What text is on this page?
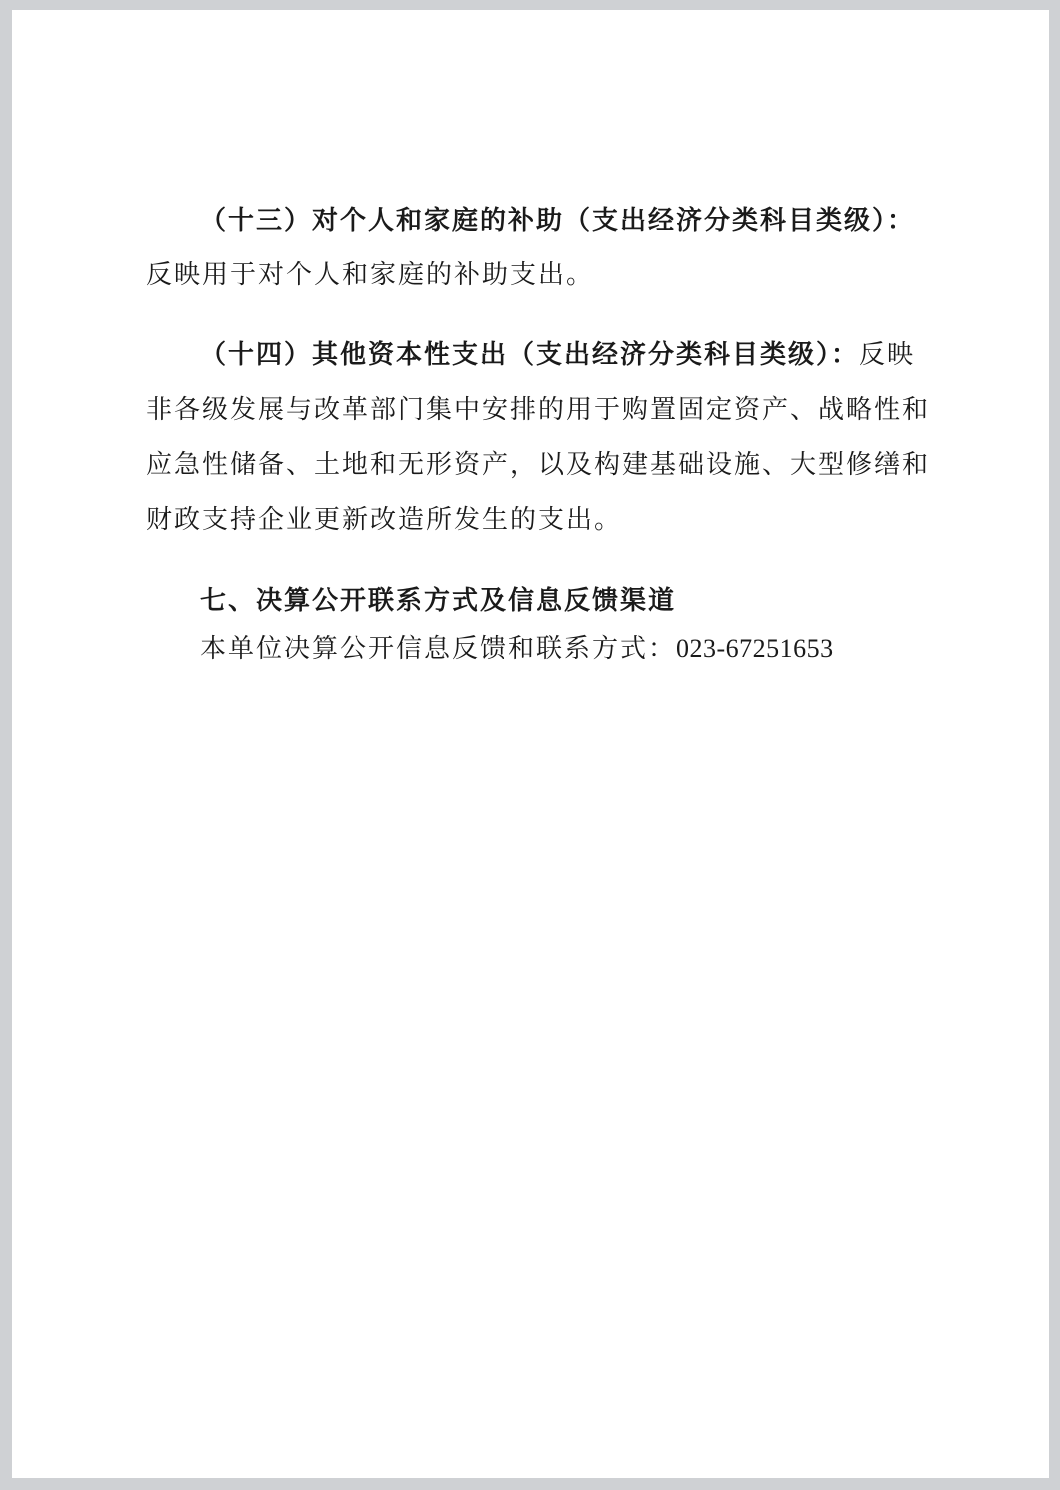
（十三）对个人和家庭的补助（支出经济分类科目类级）：
反映用于对个人和家庭的补助支出。
（十四）其他资本性支出（支出经济分类科目类级）：反映
非各级发展与改革部门集中安排的用于购置固定资产、战略性和
应急性储备、土地和无形资产，以及构建基础设施、大型修缮和
财政支持企业更新改造所发生的支出。
七、决算公开联系方式及信息反馈渠道
本单位决算公开信息反馈和联系方式：023-67251653
